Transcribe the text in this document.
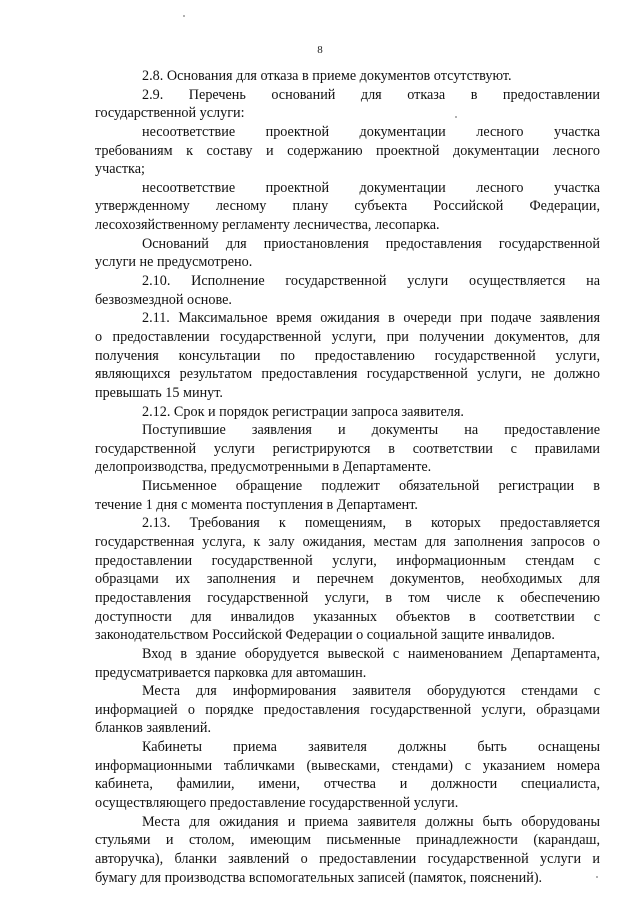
8
2.8. Основания для отказа в приеме документов отсутствуют.
2.9. Перечень оснований для отказа в предоставлении
государственной услуги:
несоответствие проектной документации лесного участка
требованиям к составу и содержанию проектной документации лесного
участка;
несоответствие проектной документации лесного участка
утвержденному лесному плану субъекта Российской Федерации,
лесохозяйственному регламенту лесничества, лесопарка.
Оснований для приостановления предоставления государственной
услуги не предусмотрено.
2.10. Исполнение государственной услуги осуществляется на
безвозмездной основе.
2.11. Максимальное время ожидания в очереди при подаче заявления
о предоставлении государственной услуги, при получении документов, для
получения консультации по предоставлению государственной услуги,
являющихся результатом предоставления государственной услуги, не должно
превышать 15 минут.
2.12. Срок и порядок регистрации запроса заявителя.
Поступившие заявления и документы на предоставление
государственной услуги регистрируются в соответствии с правилами
делопроизводства, предусмотренными в Департаменте.
Письменное обращение подлежит обязательной регистрации в
течение 1 дня с момента поступления в Департамент.
2.13. Требования к помещениям, в которых предоставляется
государственная услуга, к залу ожидания, местам для заполнения запросов о
предоставлении государственной услуги, информационным стендам с
образцами их заполнения и перечнем документов, необходимых для
предоставления государственной услуги, в том числе к обеспечению
доступности для инвалидов указанных объектов в соответствии с
законодательством Российской Федерации о социальной защите инвалидов.
Вход в здание оборудуется вывеской с наименованием Департамента,
предусматривается парковка для автомашин.
Места для информирования заявителя оборудуются стендами с
информацией о порядке предоставления государственной услуги, образцами
бланков заявлений.
Кабинеты приема заявителя должны быть оснащены
информационными табличками (вывесками, стендами) с указанием номера
кабинета, фамилии, имени, отчества и должности специалиста,
осуществляющего предоставление государственной услуги.
Места для ожидания и приема заявителя должны быть оборудованы
стульями и столом, имеющим письменные принадлежности (карандаш,
авторучка), бланки заявлений о предоставлении государственной услуги и
бумагу для производства вспомогательных записей (памяток, пояснений).
